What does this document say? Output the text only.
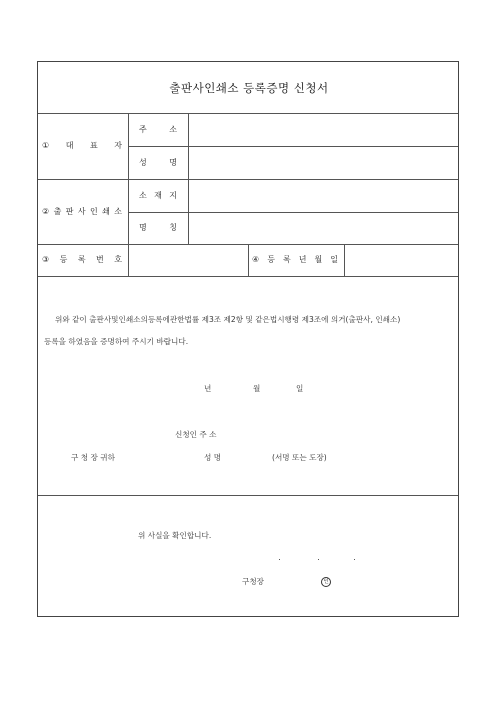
출판사인쇄소 등록증명 신청서
① 대 표 자
주	소
성	명
② 출 판 사 인 쇄 소
소 재 지
명	칭
③ 등 록 번 호	④ 등 록 년 월 일
위와 같이 출판사및인쇄소의등록에관한법률 제3조 제2항 및 같은법시행령 제3조에 의거(출판사, 인쇄소)
등록을 하였음을 증명하여 주시기 바랍니다.
년	월	일
신청인 주 소
구 청 장 귀하	성 명	(서명 또는 도장)
위 사실을 확인합니다.
구청장	인
